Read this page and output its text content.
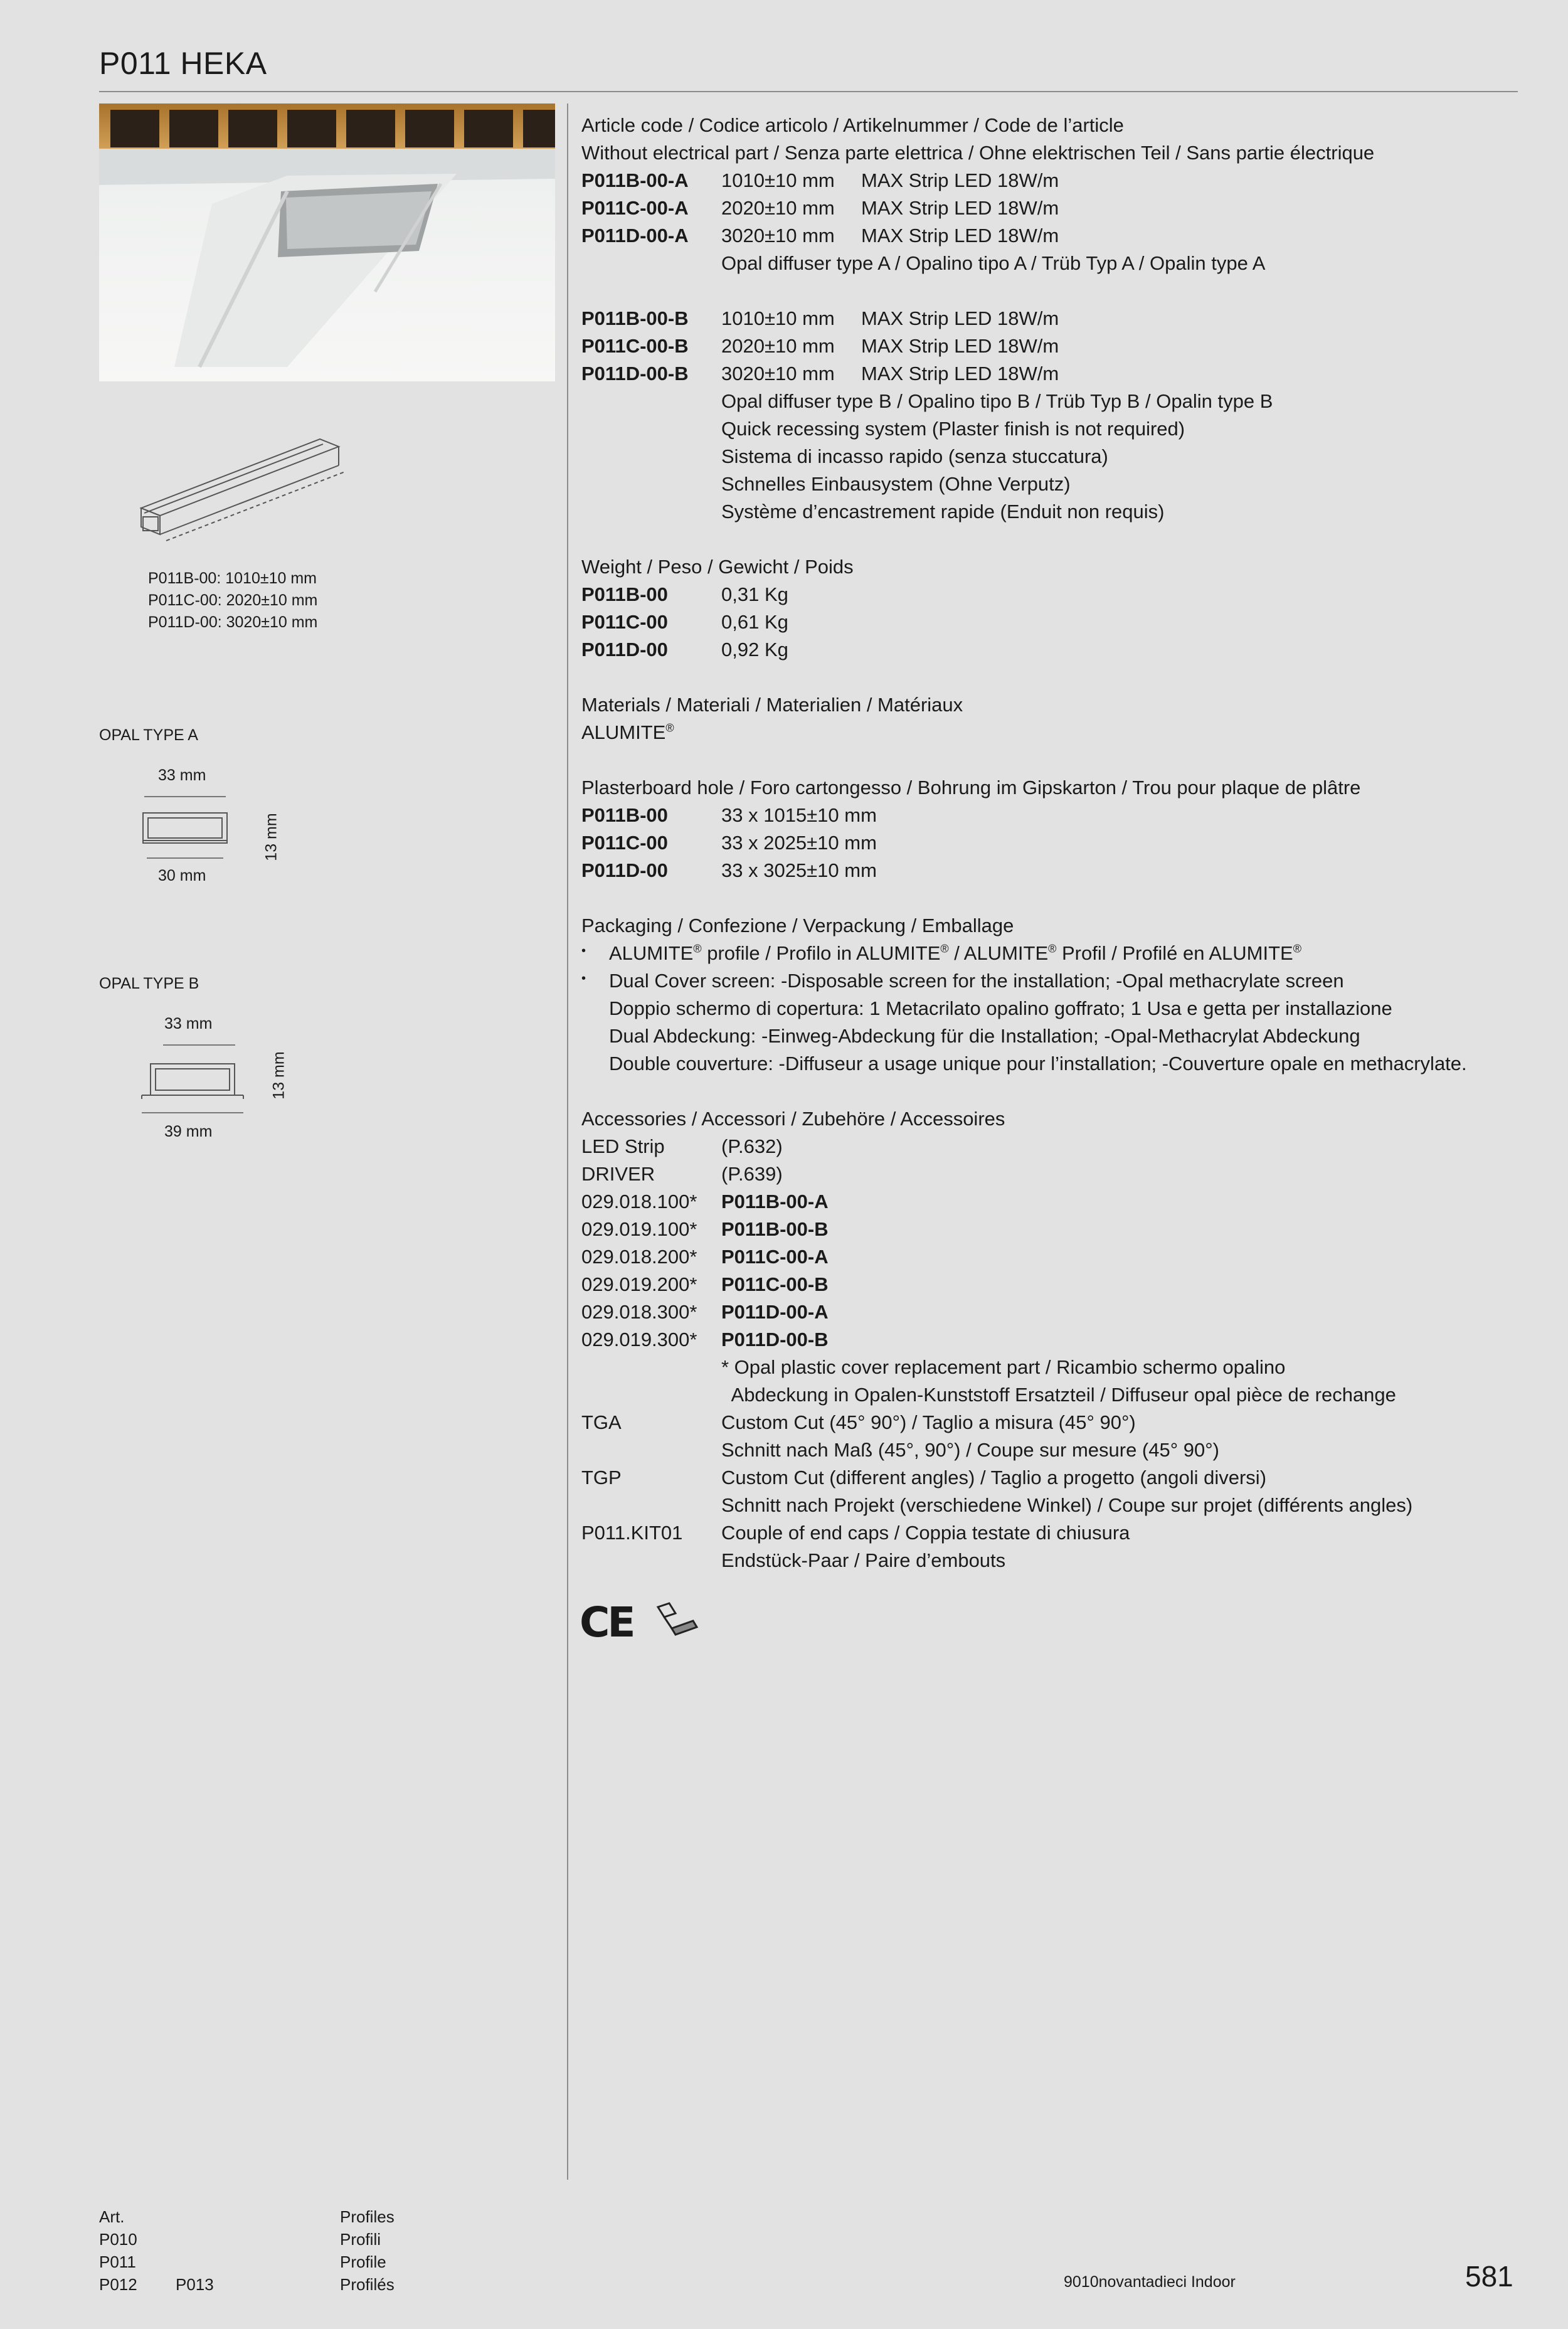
P011 HEKA
P011B-00: 1010±10 mm
P011C-00: 2020±10 mm
P011D-00: 3020±10 mm
OPAL TYPE A
33 mm
30 mm
13 mm
OPAL TYPE B
33 mm
39 mm
13 mm
Article code / Codice articolo / Artikelnummer / Code de l’article
Without electrical part / Senza parte elettrica / Ohne elektrischen Teil / Sans partie électrique
P011B-00-A	1010±10 mm	MAX Strip LED 18W/m
P011C-00-A	2020±10 mm	MAX Strip LED 18W/m
P011D-00-A	3020±10 mm	MAX Strip LED 18W/m
Opal diffuser type A / Opalino tipo A / Trüb Typ A / Opalin type A
P011B-00-B	1010±10 mm	MAX Strip LED 18W/m
P011C-00-B	2020±10 mm	MAX Strip LED 18W/m
P011D-00-B	3020±10 mm	MAX Strip LED 18W/m
Opal diffuser type B / Opalino tipo B / Trüb Typ B / Opalin type B
Quick recessing system (Plaster finish is not required)
Sistema di incasso rapido (senza stuccatura)
Schnelles Einbausystem (Ohne Verputz)
Système d’encastrement rapide (Enduit non requis)
Weight / Peso / Gewicht / Poids
P011B-00	0,31 Kg
P011C-00	0,61 Kg
P011D-00	0,92 Kg
Materials / Materiali / Materialien / Matériaux
ALUMITE®
Plasterboard hole / Foro cartongesso / Bohrung im Gipskarton / Trou pour plaque de plâtre
P011B-00	33 x 1015±10 mm
P011C-00	33 x 2025±10 mm
P011D-00	33 x 3025±10 mm
Packaging / Confezione / Verpackung / Emballage
•	ALUMITE® profile / Profilo in ALUMITE® / ALUMITE® Profil / Profilé en ALUMITE®
•	Dual Cover screen: -Disposable screen for the installation; -Opal methacrylate screen
Doppio schermo di copertura: 1 Metacrilato opalino goffrato; 1 Usa e getta per installazione
Dual Abdeckung: -Einweg-Abdeckung für die Installation; -Opal-Methacrylat Abdeckung
Double couverture: -Diffuseur a usage unique pour l’installation; -Couverture opale en methacrylate.
Accessories / Accessori / Zubehöre / Accessoires
LED Strip	(P.632)
DRIVER	(P.639)
029.018.100*	P011B-00-A
029.019.100*	P011B-00-B
029.018.200*	P011C-00-A
029.019.200*	P011C-00-B
029.018.300*	P011D-00-A
029.019.300*	P011D-00-B
* Opal plastic cover replacement part / Ricambio schermo opalino
Abdeckung in Opalen-Kunststoff Ersatzteil / Diffuseur opal pièce de rechange
TGA	Custom Cut (45° 90°) / Taglio a misura (45° 90°)
Schnitt nach Maß (45°, 90°) / Coupe sur mesure (45° 90°)
TGP	Custom Cut (different angles) / Taglio a progetto (angoli diversi)
Schnitt nach Projekt (verschiedene Winkel) / Coupe sur projet (différents angles)
P011.KIT01	Couple of end caps / Coppia testate di chiusura
Endstück-Paar / Paire d’embouts
CE
Art.
P010
P011
P012	P013
Profiles
Profili
Profile
Profilés	9010novantadieci Indoor	581
